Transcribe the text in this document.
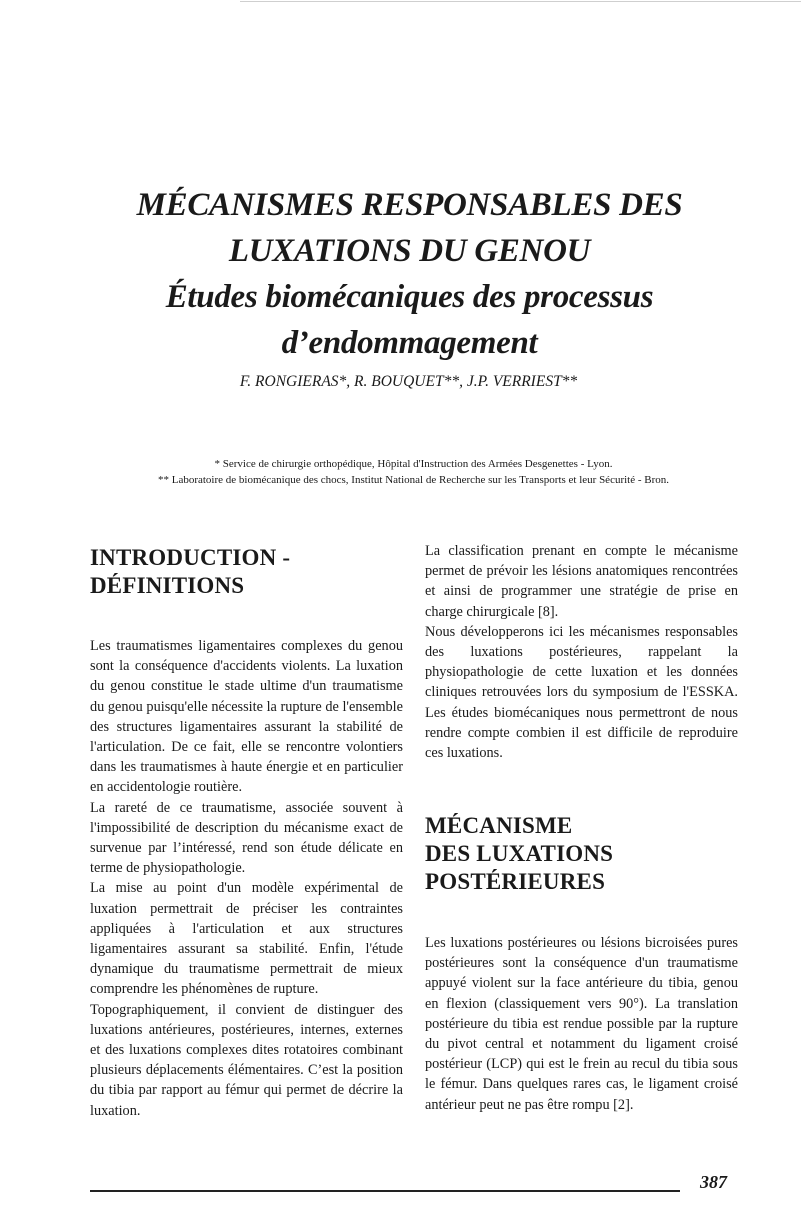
MÉCANISMES RESPONSABLES DES
LUXATIONS DU GENOU
Études biomécaniques des processus
d’endommagement
F. RONGIERAS*, R. BOUQUET**, J.P. VERRIEST**
* Service de chirurgie orthopédique, Hôpital d'Instruction des Armées Desgenettes - Lyon.
** Laboratoire de biomécanique des chocs, Institut National de Recherche sur les Transports et leur Sécurité - Bron.
INTRODUCTION -
DÉFINITIONS

Les traumatismes ligamentaires complexes du genou sont la conséquence d'accidents violents. La luxation du genou constitue le stade ultime d'un traumatisme du genou puisqu'elle nécessite la rupture de l'ensemble des structures ligamentaires assurant la stabilité de l'articulation. De ce fait, elle se rencontre volontiers dans les traumatismes à haute énergie et en particulier en accidentologie routière.

La rareté de ce traumatisme, associée souvent à l'impossibilité de description du mécanisme exact de survenue par l’intéressé, rend son étude délicate en terme de physiopathologie.

La mise au point d'un modèle expérimental de luxation permettrait de préciser les contraintes appliquées à l'articulation et aux structures ligamentaires assurant sa stabilité. Enfin, l'étude dynamique du traumatisme permettrait de mieux comprendre les phénomènes de rupture.

Topographiquement, il convient de distinguer des luxations antérieures, postérieures, internes, externes et des luxations complexes dites rotatoires combinant plusieurs déplacements élémentaires. C’est la position du tibia par rapport au fémur qui permet de décrire la luxation.

La classification prenant en compte le mécanisme permet de prévoir les lésions anatomiques rencontrées et ainsi de programmer une stratégie de prise en charge chirurgicale [8].

Nous développerons ici les mécanismes responsables des luxations postérieures, rappelant la physiopathologie de cette luxation et les données cliniques retrouvées lors du symposium de l'ESSKA. Les études biomécaniques nous permettront de nous rendre compte combien il est difficile de reproduire ces luxations.

MÉCANISME
DES LUXATIONS
POSTÉRIEURES

Les luxations postérieures ou lésions bicroisées pures postérieures sont la conséquence d'un traumatisme appuyé violent sur la face antérieure du tibia, genou en flexion (classiquement vers 90°). La translation postérieure du tibia est rendue possible par la rupture du pivot central et notamment du ligament croisé postérieur (LCP) qui est le frein au recul du tibia sous le fémur. Dans quelques rares cas, le ligament croisé antérieur peut ne pas être rompu [2].

387
